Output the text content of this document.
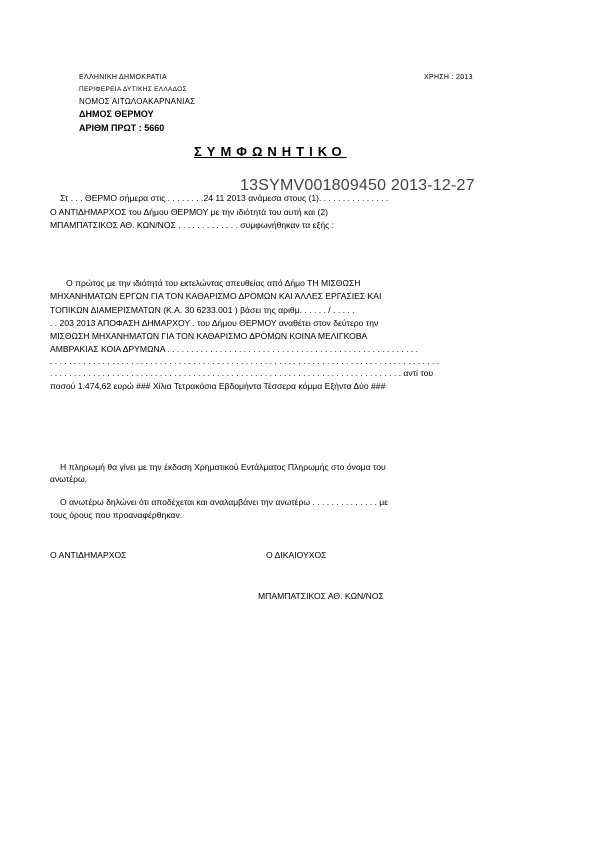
ΕΛΛΗΝΙΚΗ ΔΗΜΟΚΡΑΤΙΑ	ΧΡΗΣΗ : 2013
ΠΕΡΙΦΕΡΕΙΑ ΔΥΤΙΚΗΣ ΕΛΛΑΔΟΣ
ΝΟΜΟΣ ΑΙΤΩΛΟΑΚΑΡΝΑΝΙΑΣ
ΔΗΜΟΣ ΘΕΡΜΟΥ
ΑΡΙΘΜ ΠΡΩΤ : 5660
ΣΥΜΦΩΝΗΤΙΚΟ
13SYMV001809450 2013-12-27
Στ . . . ΘΕΡΜΟ σήμερα στις . . . . . . . .24 11 2013 ανάμεσα στους (1). . . . . . . . . . . . . . .
Ο ΑΝΤΙΔΗΜΑΡΧΟΣ του Δήμου ΘΕΡΜΟΥ με την ιδιότητά του αυτή και (2)
ΜΠΑΜΠΑΤΣΙΚΟΣ ΑΘ. ΚΩΝ/ΝΟΣ . . . . . . . . . . . . . συμφωνήθηκαν τα εξής :
Ο πρώτος με την ιδιότητά του εκτελώντας απευθείας από Δήμο ΤΗ ΜΙΣΘΩΣΗ
ΜΗΧΑΝΗΜΑΤΩΝ ΕΡΓΩΝ ΓΙΑ ΤΟΝ ΚΑΘΑΡΙΣΜΟ ΔΡΟΜΩΝ ΚΑΙ ΆΛΛΕΣ ΕΡΓΑΣΙΕΣ ΚΑΙ
ΤΟΠΙΚΩΝ ΔΙΑΜΕΡΙΣΜΑΤΩΝ (Κ.Α. 30 6233.001 ) βάσει της αριθμ. . . . . . / . . . . .
. . 203 2013 ΑΠΟΦΑΣΗ ΔΗΜΑΡΧΟΥ . του Δήμου ΘΕΡΜΟΥ αναθέτει στον δεύτερο την
ΜΙΣΘΩΣΗ ΜΗΧΑΝΗΜΑΤΩΝ ΓΙΑ ΤΟΝ ΚΑΘΑΡΙΣΜΟ ΔΡΟΜΩΝ ΚΟΙΝΑ ΜΕΛΙΓΚΟΒΑ
ΑΜΒΡΑΚΙΑΣ ΚΟΙΑ ΔΡΥΜΩΝΑ . . . . . . . . . . . . . . . . . . . . . . . . . . . . . . . . . . . . . . . . . . . . . . . . . . . . .
. . . . . . . . . . . . . . . . . . . . . . . . . . . . . . . . . . . . . . . . . . . . . . . . . . . . . . . . . . . . . . . . . . . . . . . . . . . . . . . . . .
. . . . . . . . . . . . . . . . . . . . . . . . . . . . . . . . . . . . . . . . . . . . . . . . . . . . . . . . . . . . . . . . . . . . . . . . . . αντί του
ποσού 1.474,62 ευρώ ### Χίλια Τετρακόσια Εβδομήντα Τέσσερα κόμμα Εξήντα Δύο ###
Η πληρωμή θα γίνει με την έκδοση Χρηματικού Εντάλματος Πληρωμής στο όνομα του
ανωτέρω.
Ο ανωτέρω δηλώνει ότι αποδέχεται και αναλαμβάνει την ανωτέρω . . . . . . . . . . . . . . με
τους όρους που προαναφέρθηκαν.
Ο ΑΝΤΙΔΗΜΑΡΧΟΣ	Ο ΔΙΚΑΙΟΥΧΟΣ
ΜΠΑΜΠΑΤΣΙΚΟΣ ΑΘ. ΚΩΝ/ΝΟΣ
